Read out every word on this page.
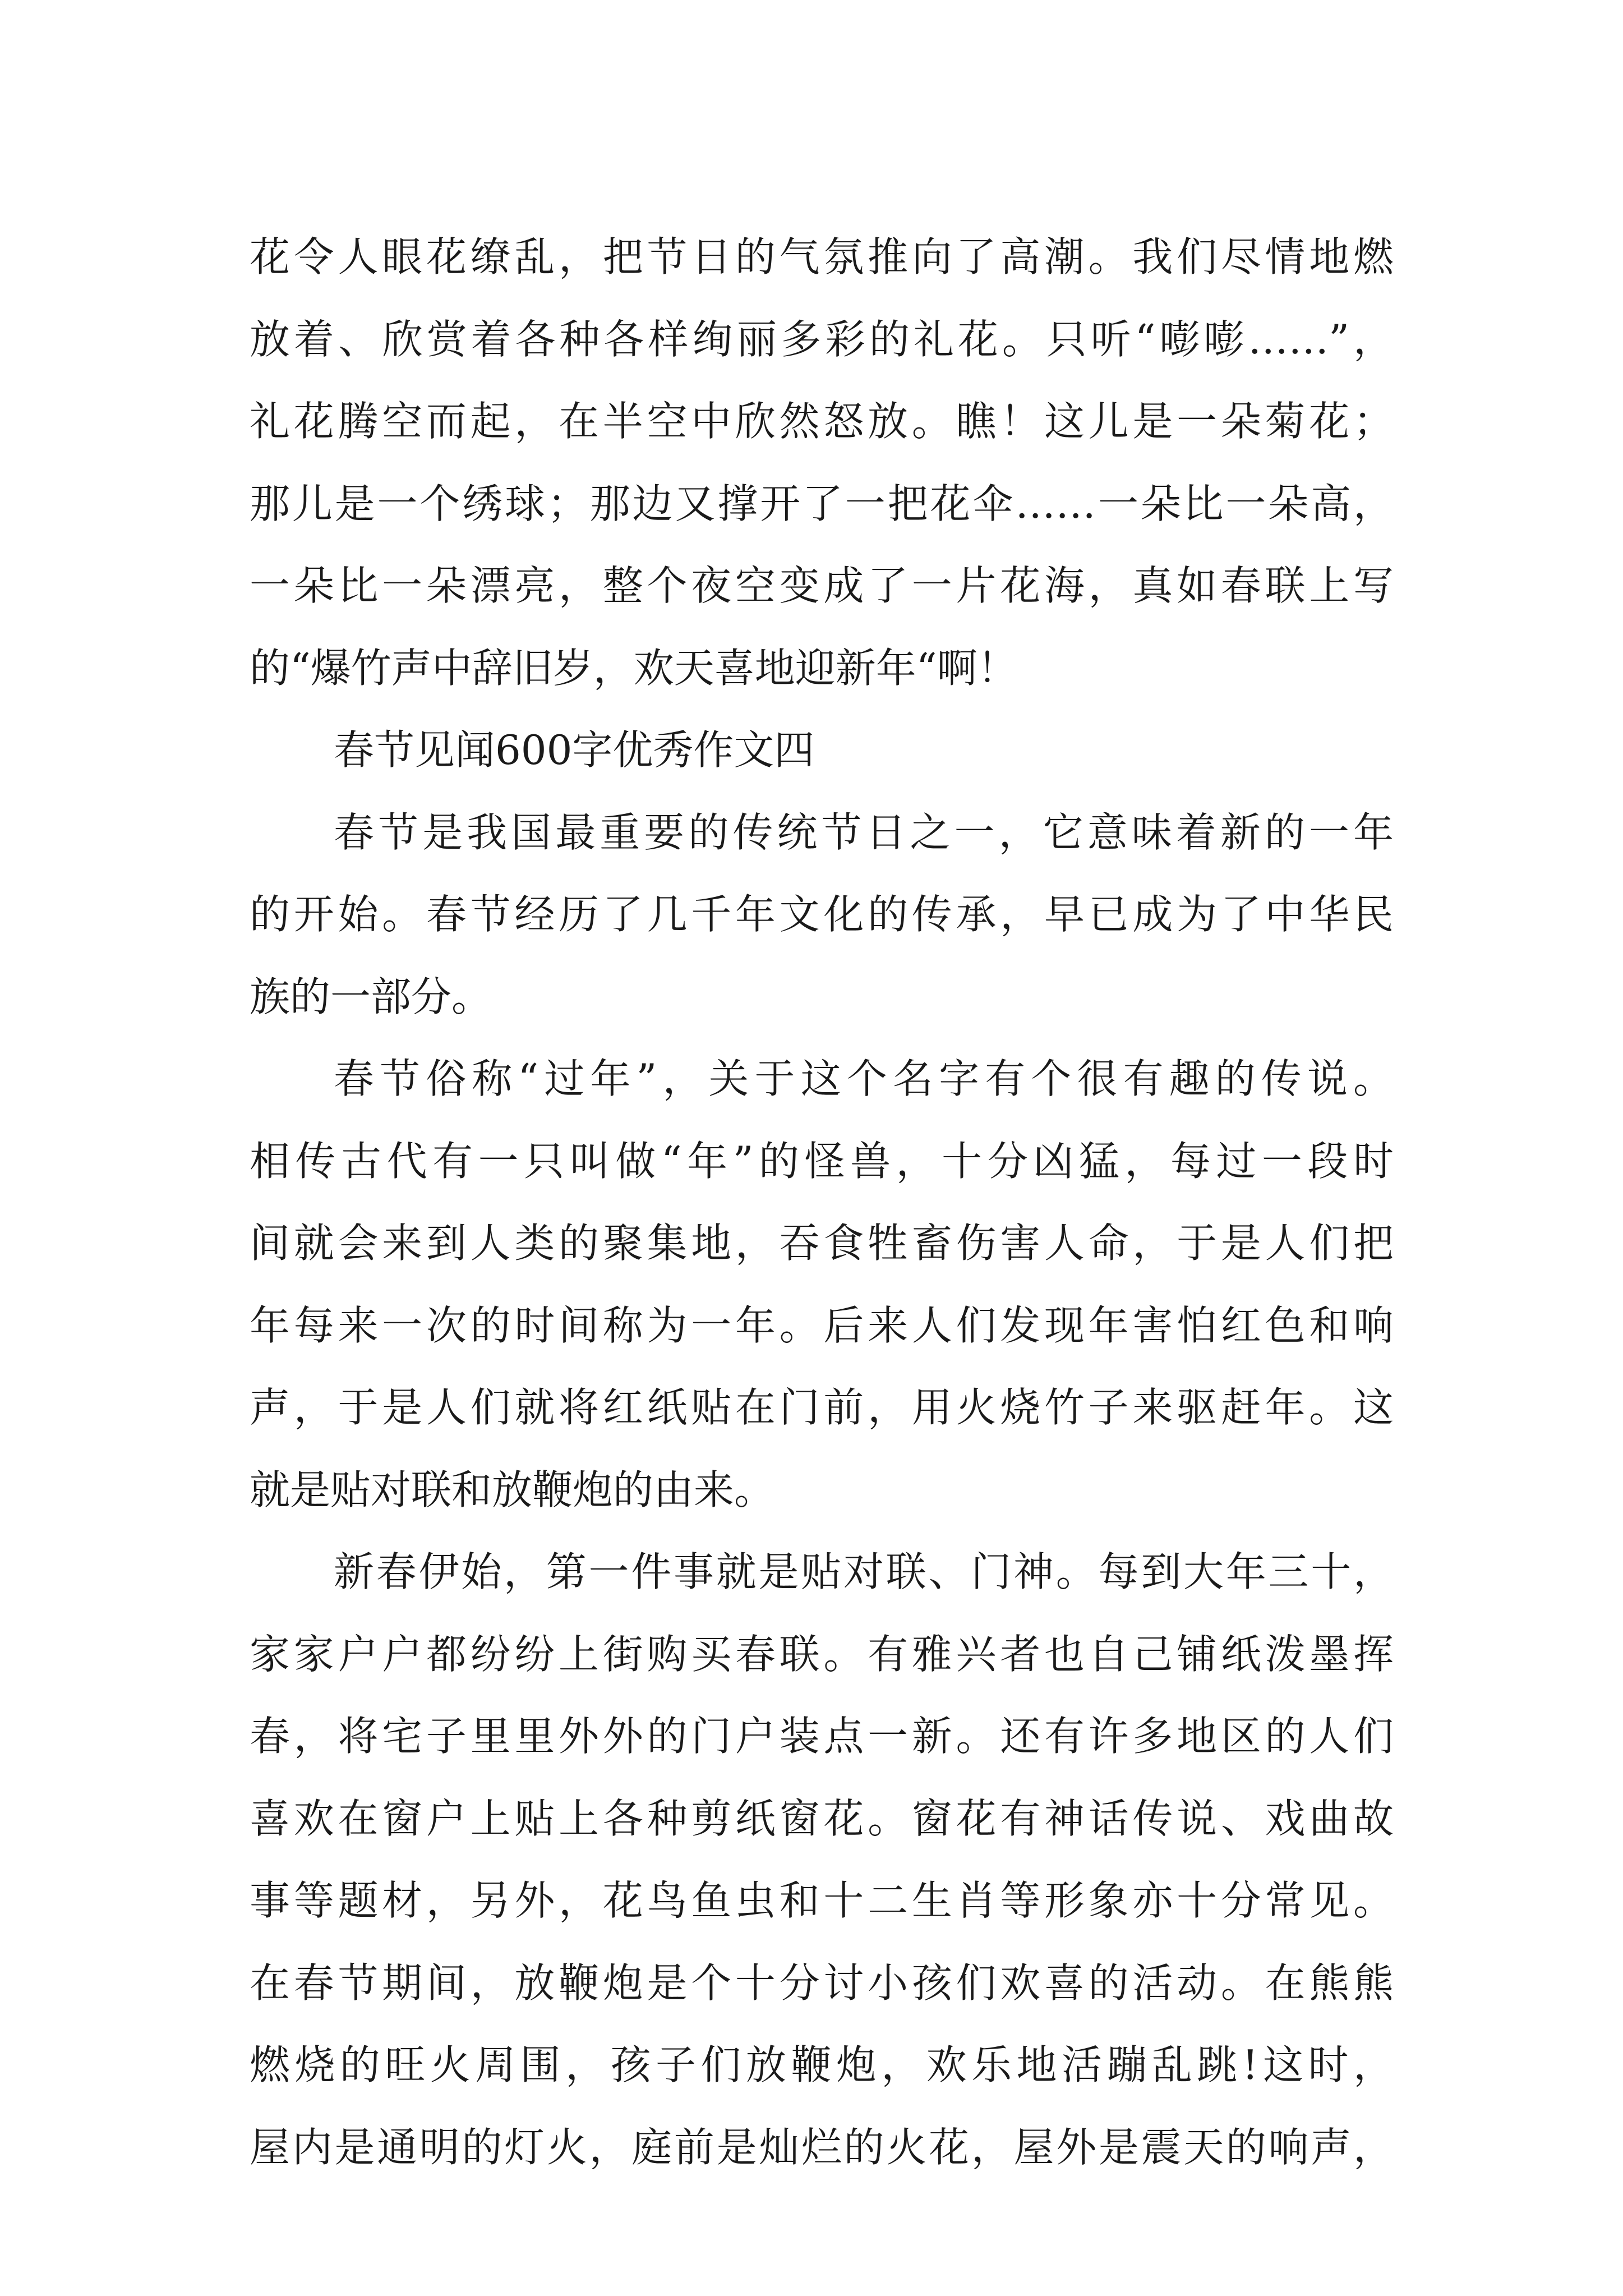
花令人眼花缭乱，把节日的气氛推向了高潮。我们尽情地燃
放着、欣赏着各种各样绚丽多彩的礼花。只听“嘭嘭……”，
礼花腾空而起，在半空中欣然怒放。瞧！这儿是一朵菊花；
那儿是一个绣球；那边又撑开了一把花伞……一朵比一朵高，
一朵比一朵漂亮，整个夜空变成了一片花海，真如春联上写
的“爆竹声中辞旧岁，欢天喜地迎新年“啊！
春节见闻600字优秀作文四
春节是我国最重要的传统节日之一，它意味着新的一年
的开始。春节经历了几千年文化的传承，早已成为了中华民
族的一部分。
春节俗称“过年”，关于这个名字有个很有趣的传说。
相传古代有一只叫做“年”的怪兽，十分凶猛，每过一段时
间就会来到人类的聚集地，吞食牲畜伤害人命，于是人们把
年每来一次的时间称为一年。后来人们发现年害怕红色和响
声，于是人们就将红纸贴在门前，用火烧竹子来驱赶年。这
就是贴对联和放鞭炮的由来。
新春伊始，第一件事就是贴对联、门神。每到大年三十，
家家户户都纷纷上街购买春联。有雅兴者也自己铺纸泼墨挥
春，将宅子里里外外的门户装点一新。还有许多地区的人们
喜欢在窗户上贴上各种剪纸窗花。窗花有神话传说、戏曲故
事等题材，另外，花鸟鱼虫和十二生肖等形象亦十分常见。
在春节期间，放鞭炮是个十分讨小孩们欢喜的活动。在熊熊
燃烧的旺火周围，孩子们放鞭炮，欢乐地活蹦乱跳!这时，
屋内是通明的灯火，庭前是灿烂的火花，屋外是震天的响声，
